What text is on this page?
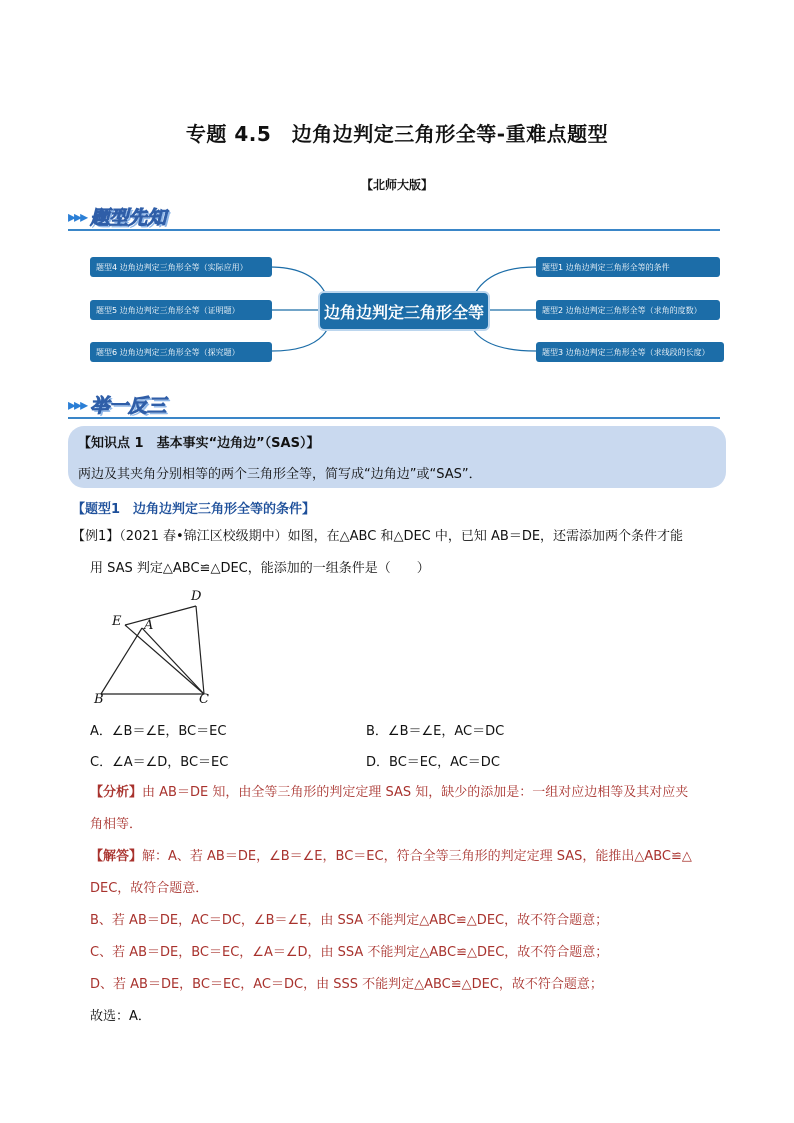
专题 4.5　边角边判定三角形全等-重难点题型
【北师大版】
▸▸▸ 题型先知
题型4 边角边判定三角形全等（实际应用）
题型5 边角边判定三角形全等（证明题）
题型6 边角边判定三角形全等（探究题）
边角边判定三角形全等
题型1 边角边判定三角形全等的条件
题型2 边角边判定三角形全等（求角的度数）
题型3 边角边判定三角形全等（求线段的长度）
▸▸▸ 举一反三
【知识点 1　基本事实“边角边”（SAS）】
两边及其夹角分别相等的两个三角形全等，简写成“边角边”或“SAS”．
【题型1　边角边判定三角形全等的条件】
【例1】（2021 春•锦江区校级期中）如图，在△ABC 和△DEC 中，已知 AB＝DE，还需添加两个条件才能
用 SAS 判定△ABC≌△DEC，能添加的一组条件是（　　）
D
E A
B	C
A．∠B＝∠E，BC＝EC	B．∠B＝∠E，AC＝DC
C．∠A＝∠D，BC＝EC	D．BC＝EC，AC＝DC
【分析】由 AB＝DE 知，由全等三角形的判定定理 SAS 知，缺少的添加是：一组对应边相等及其对应夹
角相等．
【解答】解：A、若 AB＝DE，∠B＝∠E，BC＝EC，符合全等三角形的判定定理 SAS，能推出△ABC≌△
DEC，故符合题意．
B、若 AB＝DE，AC＝DC，∠B＝∠E，由 SSA 不能判定△ABC≌△DEC，故不符合题意；
C、若 AB＝DE，BC＝EC，∠A＝∠D，由 SSA 不能判定△ABC≌△DEC，故不符合题意；
D、若 AB＝DE，BC＝EC，AC＝DC，由 SSS 不能判定△ABC≌△DEC，故不符合题意；
故选：A．
